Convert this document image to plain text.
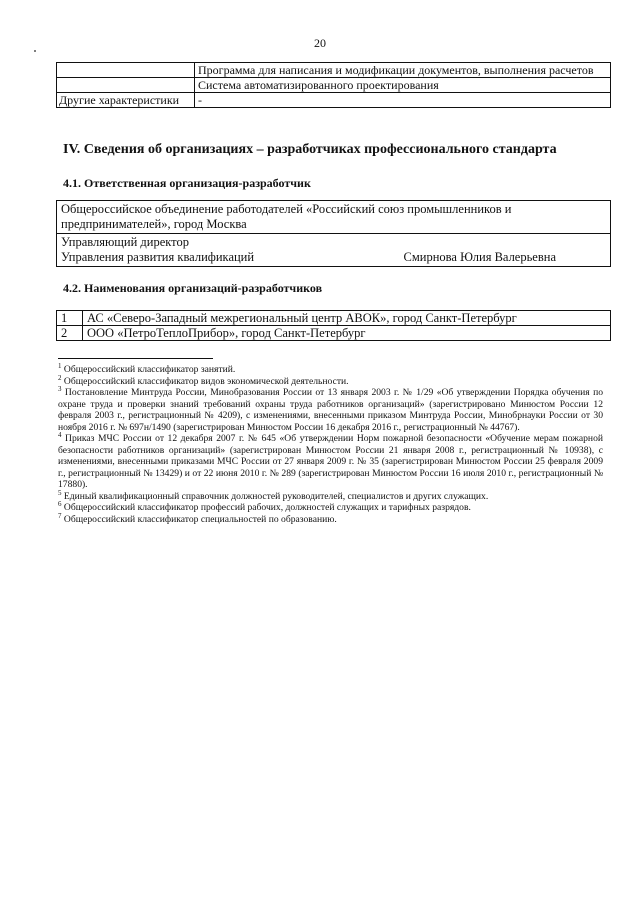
20
	Программа для написания и модификации документов, выполнения расчетов
	Система автоматизированного проектирования
Другие характеристики	-
IV. Сведения об организациях – разработчиках профессионального стандарта
4.1. Ответственная организация-разработчик
Общероссийское объединение работодателей «Российский союз промышленников и предпринимателей», город Москва

Управляющий директор
Управления развития квалификаций	Смирнова Юлия Валерьевна
4.2. Наименования организаций-разработчиков
1	АС «Северо-Западный межрегиональный центр АВОК», город Санкт-Петербург
2	ООО «ПетроТеплоПрибор», город Санкт-Петербург

$^1$ Общероссийский классификатор занятий.

$^2$ Общероссийский классификатор видов экономической деятельности.

$^3$ Постановление Минтруда России, Минобразования России от 13 января 2003 г. № 1/29 «Об утверждении Порядка обучения по охране труда и проверки знаний требований охраны труда работников организаций» (зарегистрировано Минюстом России 12 февраля 2003 г., регистрационный № 4209), с изменениями, внесенными приказом Минтруда России, Минобрнауки России от 30 ноября 2016 г. № 697н/1490 (зарегистрирован Минюстом России 16 декабря 2016 г., регистрационный № 44767).

$^4$ Приказ МЧС России от 12 декабря 2007 г. № 645 «Об утверждении Норм пожарной безопасности «Обучение мерам пожарной безопасности работников организаций» (зарегистрирован Минюстом России 21 января 2008 г., регистрационный № 10938), с изменениями, внесенными приказами МЧС России от 27 января 2009 г. № 35 (зарегистрирован Минюстом России 25 февраля 2009 г., регистрационный № 13429) и от 22 июня 2010 г. № 289 (зарегистрирован Минюстом России 16 июля 2010 г., регистрационный № 17880).

$^5$ Единый квалификационный справочник должностей руководителей, специалистов и других служащих.

$^6$ Общероссийский классификатор профессий рабочих, должностей служащих и тарифных разрядов.

$^7$ Общероссийский классификатор специальностей по образованию.
